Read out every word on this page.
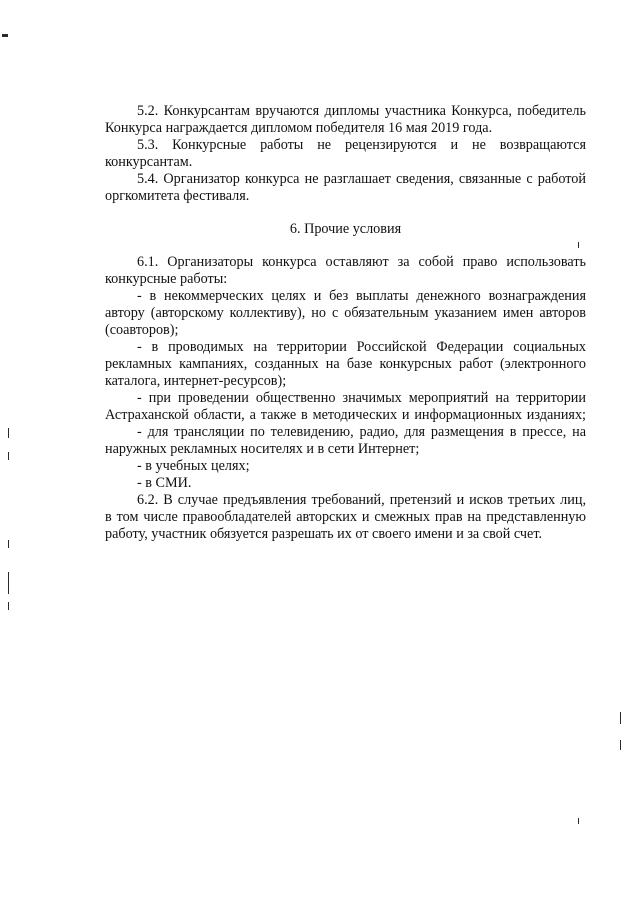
5.2. Конкурсантам вручаются дипломы участника Конкурса, победитель
Конкурса награждается дипломом победителя 16 мая 2019 года.
5.3. Конкурсные работы не рецензируются и не возвращаются
конкурсантам.
5.4. Организатор конкурса не разглашает сведения, связанные с работой
оргкомитета фестиваля.
6. Прочие условия
6.1. Организаторы конкурса оставляют за собой право использовать
конкурсные работы:
- в некоммерческих целях и без выплаты денежного вознаграждения
автору (авторскому коллективу), но с обязательным указанием имен авторов
(соавторов);
- в проводимых на территории Российской Федерации социальных
рекламных кампаниях, созданных на базе конкурсных работ (электронного
каталога, интернет-ресурсов);
- при проведении общественно значимых мероприятий на территории
Астраханской области, а также в методических и информационных изданиях;
- для трансляции по телевидению, радио, для размещения в прессе, на
наружных рекламных носителях и в сети Интернет;
- в учебных целях;
- в СМИ.
6.2. В случае предъявления требований, претензий и исков третьих лиц,
в том числе правообладателей авторских и смежных прав на представленную
работу, участник обязуется разрешать их от своего имени и за свой счет.
